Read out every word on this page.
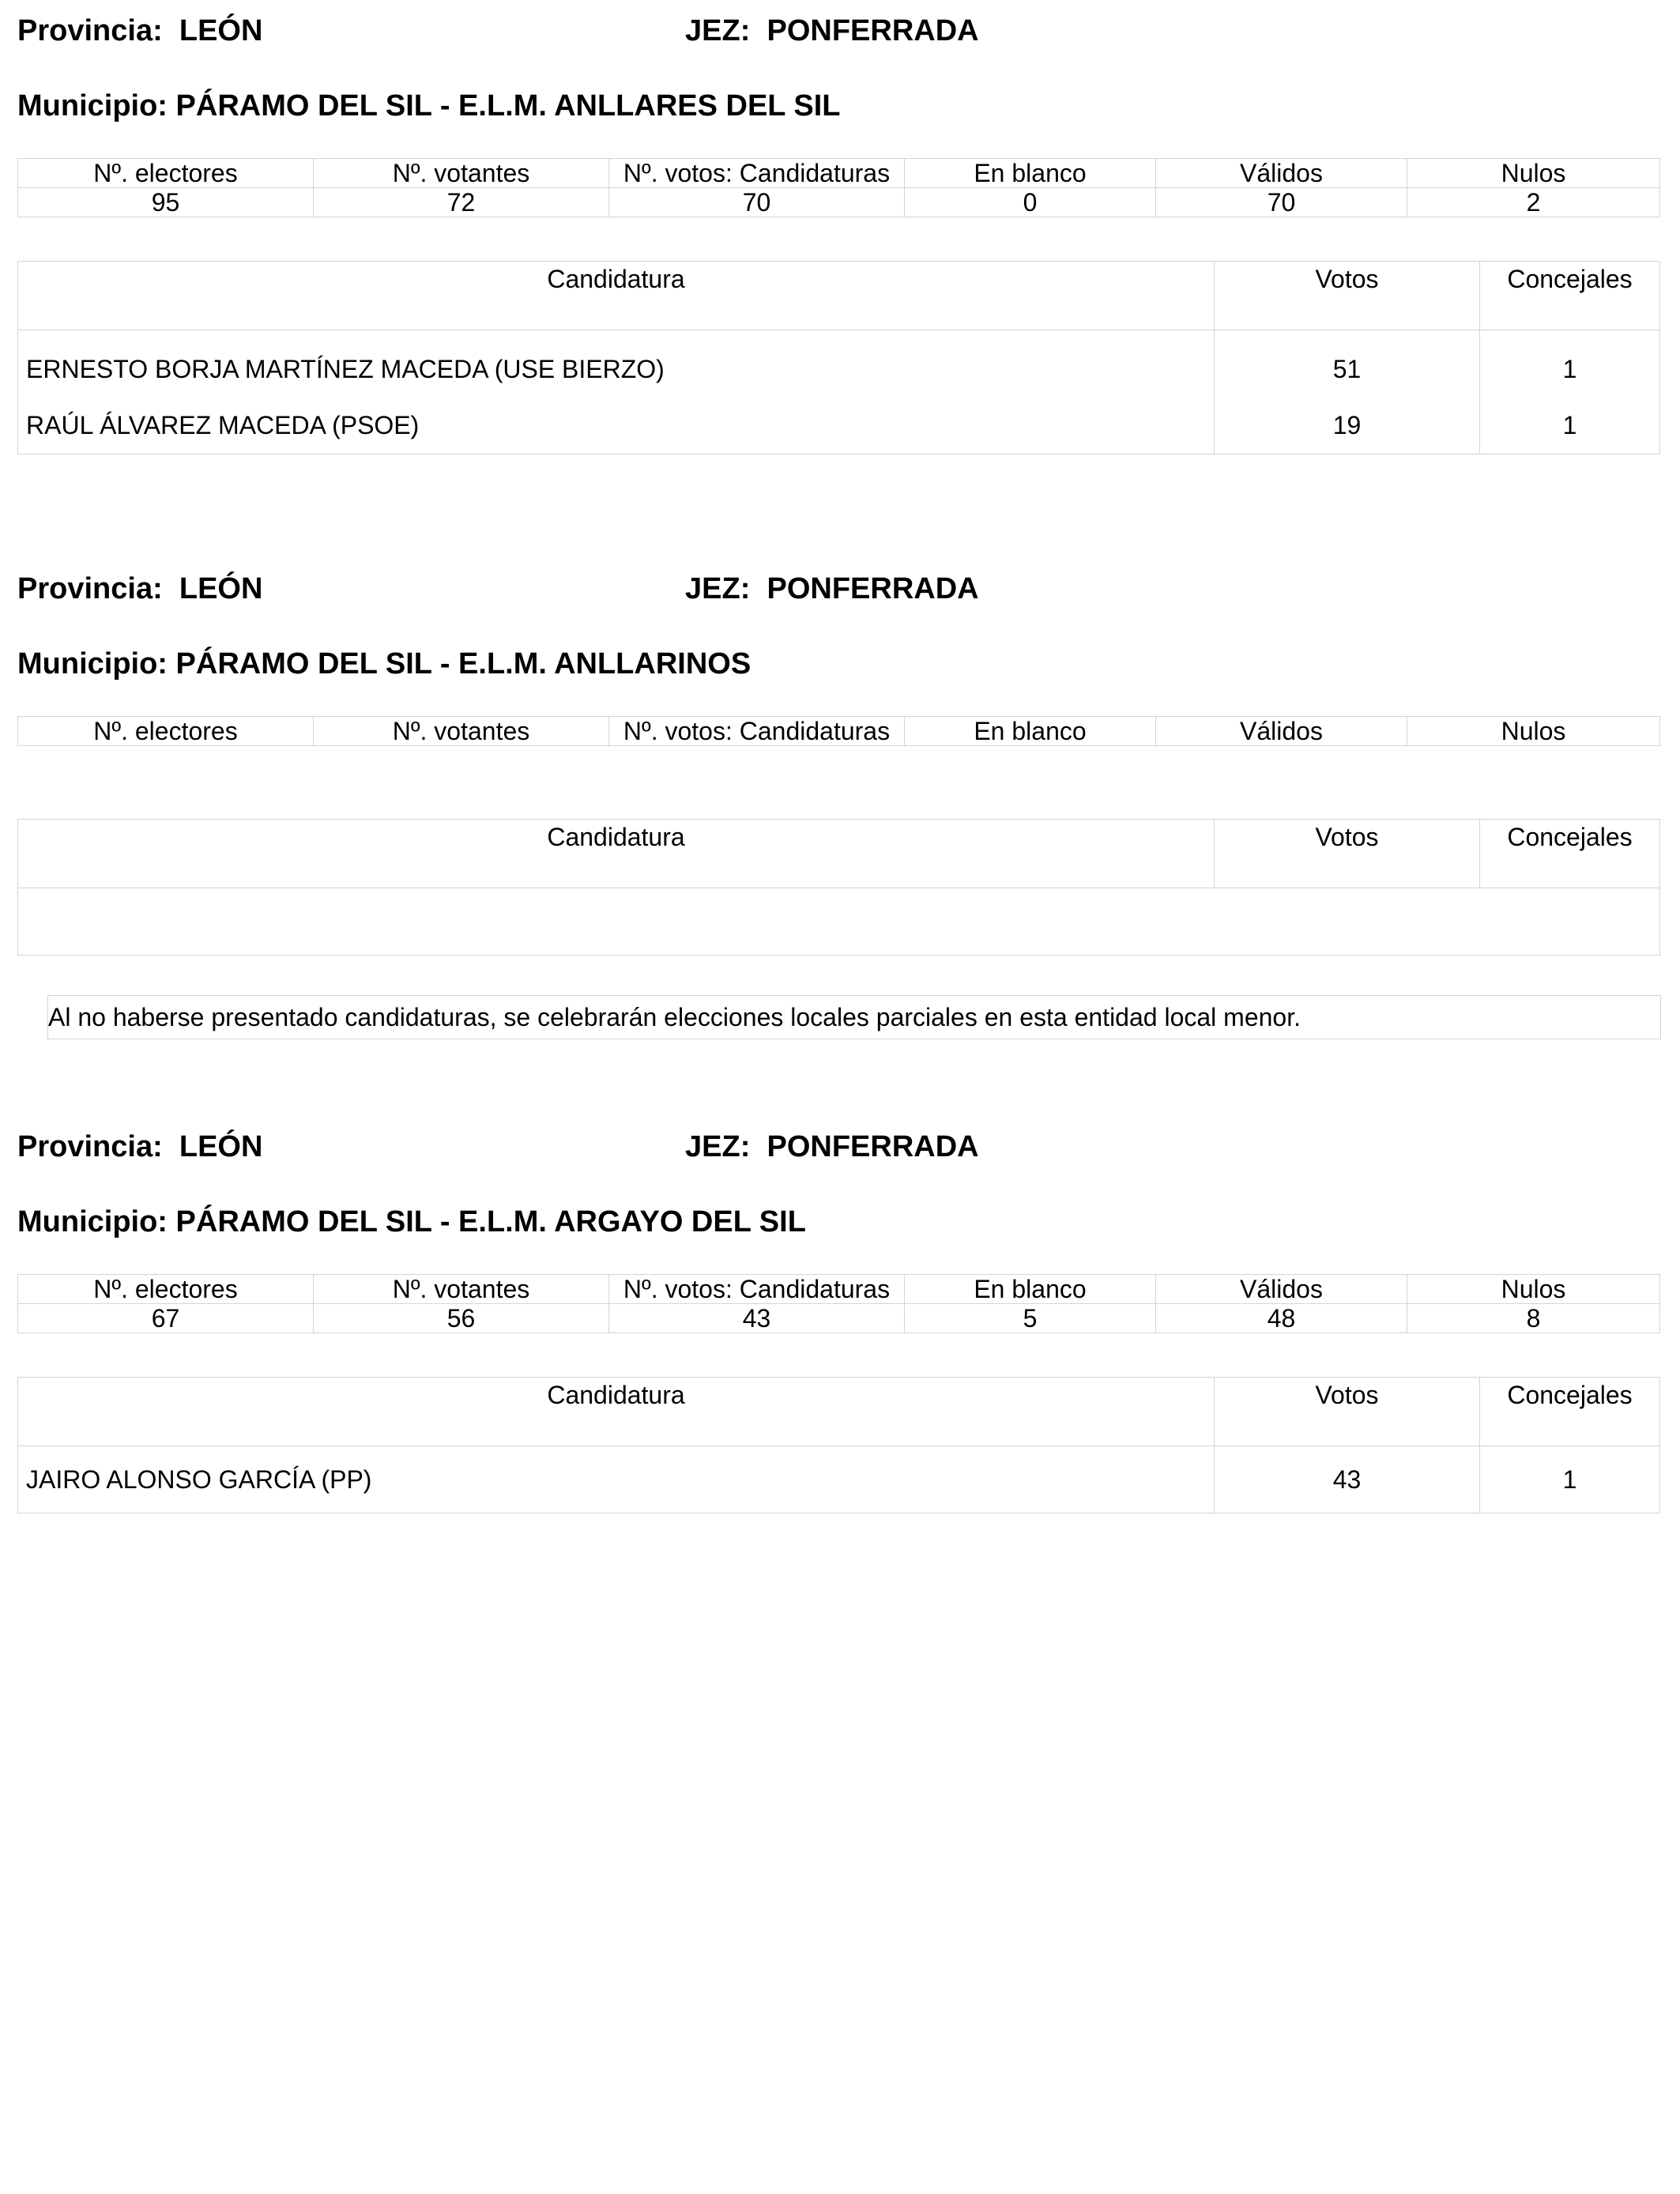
Provincia: LEÓN	JEZ: PONFERRADA
Municipio: PÁRAMO DEL SIL - E.L.M. ANLLARES DEL SIL
Nº. electores	Nº. votantes	Nº. votos: Candidaturas	En blanco	Válidos	Nulos
95	72	70	0	70	2
Candidatura	Votos	Concejales
ERNESTO BORJA MARTÍNEZ MACEDA (USE BIERZO)	51	1
RAÚL ÁLVAREZ MACEDA (PSOE)	19	1
Provincia: LEÓN	JEZ: PONFERRADA
Municipio: PÁRAMO DEL SIL - E.L.M. ANLLARINOS
Nº. electores	Nº. votantes	Nº. votos: Candidaturas	En blanco	Válidos	Nulos
Candidatura	Votos	Concejales

Al no haberse presentado candidaturas, se celebrarán elecciones locales parciales en esta entidad local menor.
Provincia: LEÓN	JEZ: PONFERRADA
Municipio: PÁRAMO DEL SIL - E.L.M. ARGAYO DEL SIL
Nº. electores	Nº. votantes	Nº. votos: Candidaturas	En blanco	Válidos	Nulos
67	56	43	5	48	8
Candidatura	Votos	Concejales
JAIRO ALONSO GARCÍA (PP)	43	1
